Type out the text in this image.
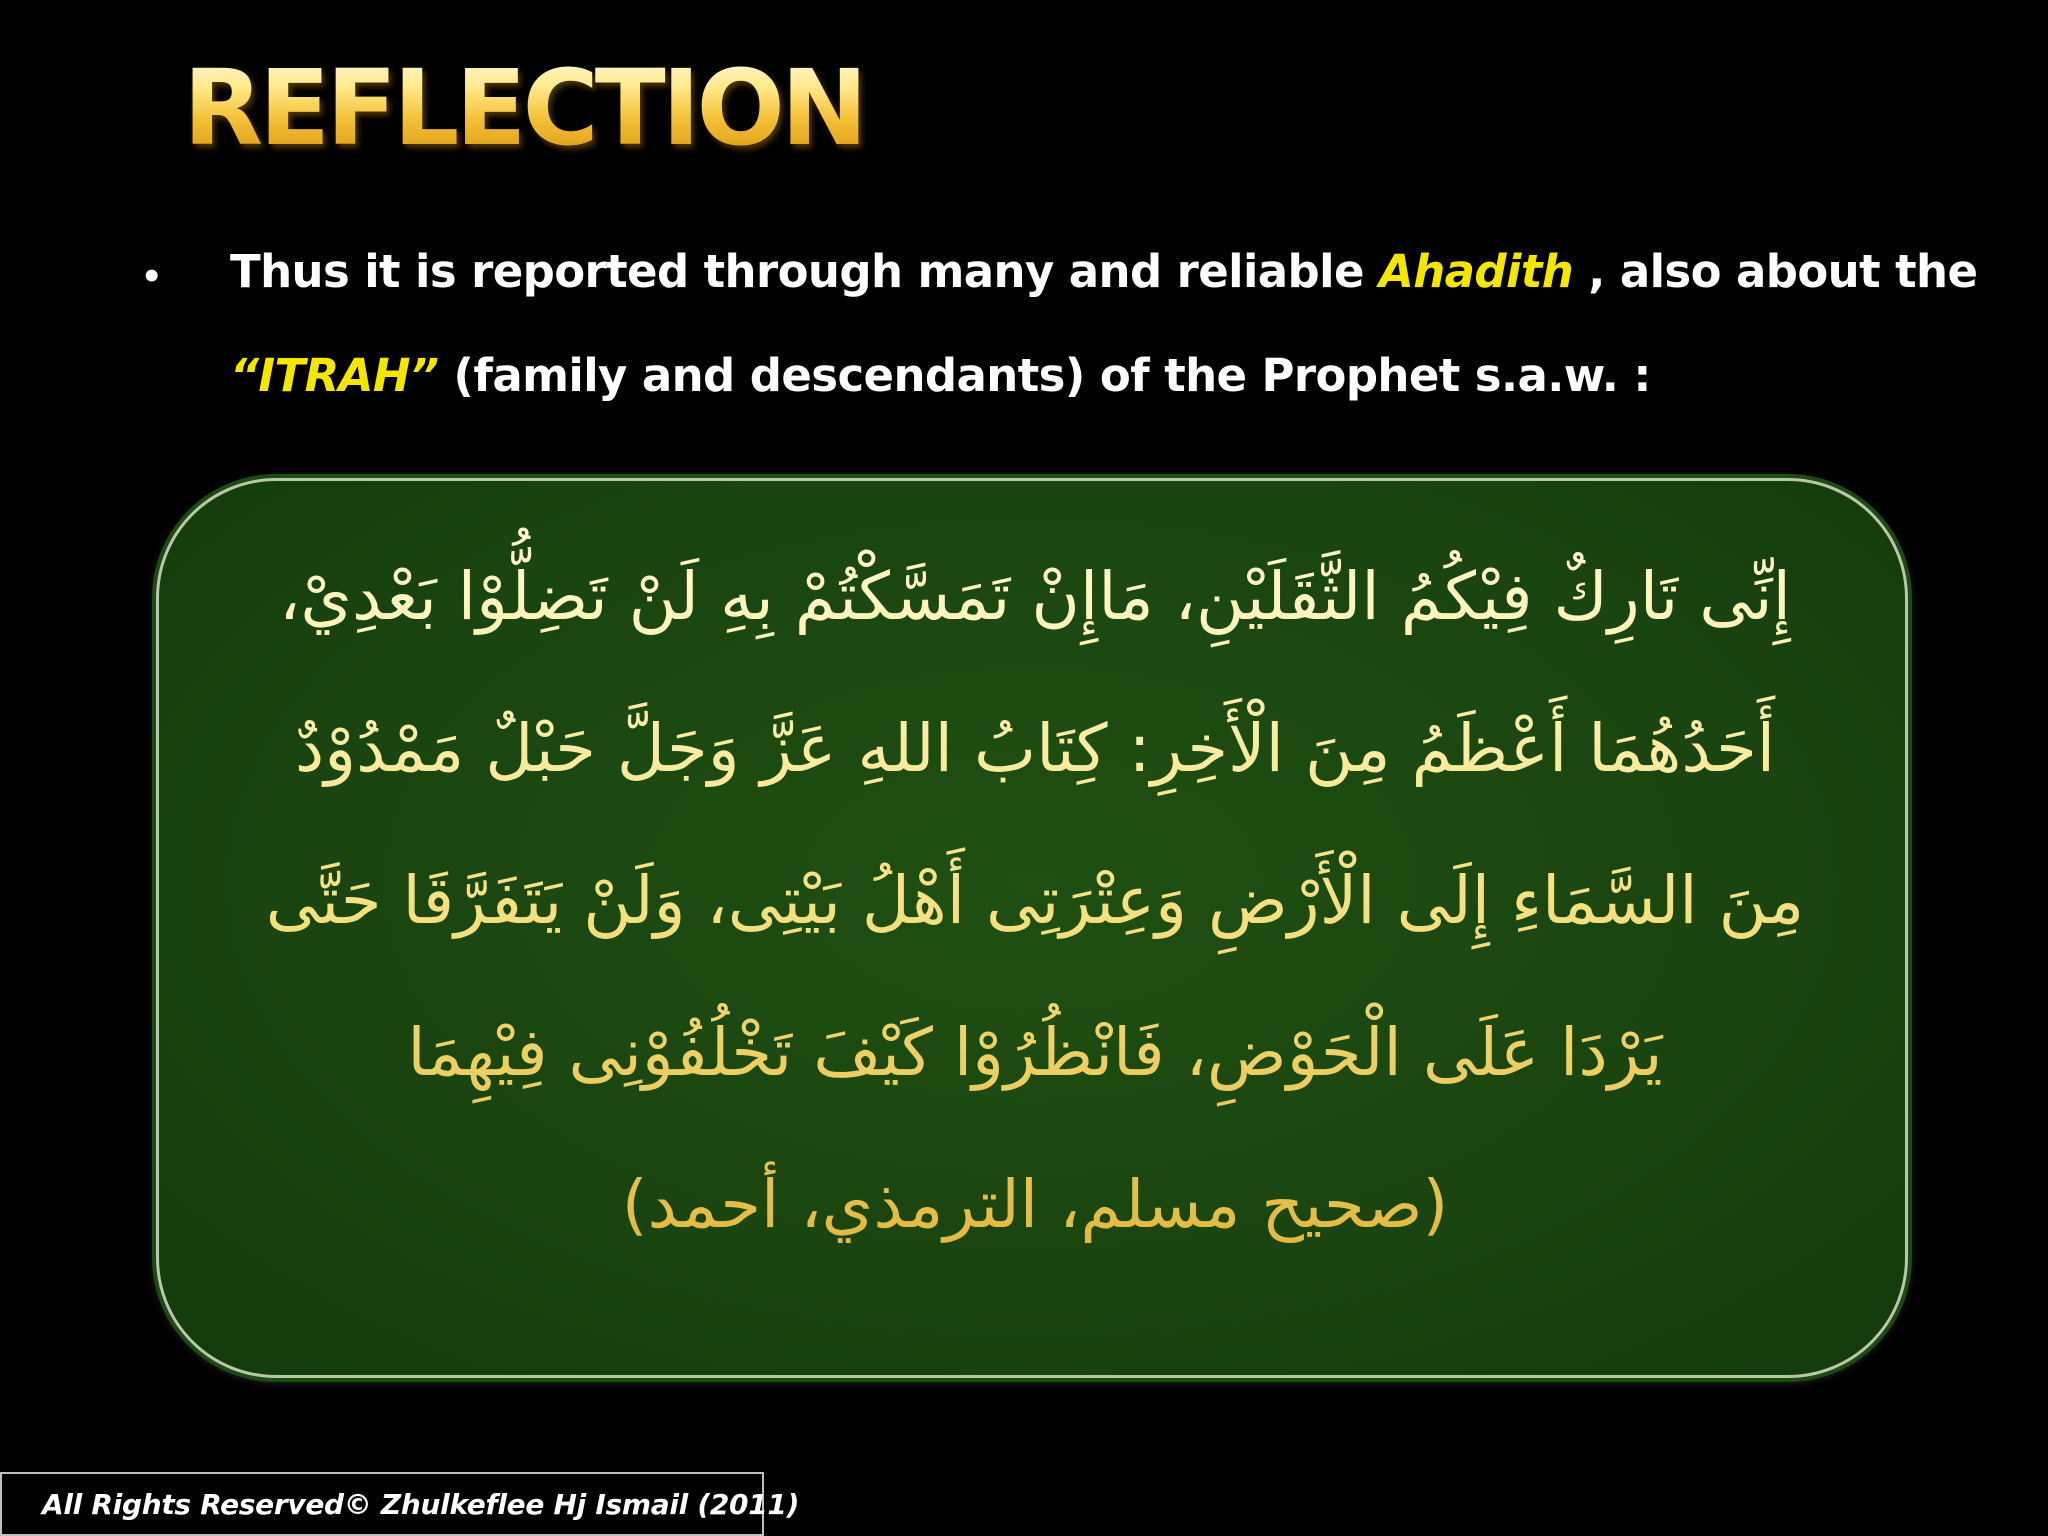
REFLECTION
• Thus it is reported through many and reliable Ahadith , also about the “ITRAH” (family and descendants) of the Prophet s.a.w. :

إِنِّى تَارِكٌ فِيْكُمُ الثَّقَلَيْنِ، مَاإِنْ تَمَسَّكْتُمْ بِهِ لَنْ تَضِلُّوْا بَعْدِيْ،
أَحَدُهُمَا أَعْظَمُ مِنَ الْأَخِرِ: كِتَابُ اللهِ عَزَّ وَجَلَّ حَبْلٌ مَمْدُوْدٌ
مِنَ السَّمَاءِ إِلَى الْأَرْضِ وَعِتْرَتِى أَهْلُ بَيْتِى، وَلَنْ يَتَفَرَّقَا حَتَّى
يَرْدَا عَلَى الْحَوْضِ، فَانْظُرُوْا كَيْفَ تَخْلُفُوْنِى فِيْهِمَا
(صحيح مسلم، الترمذي، أحمد)

All Rights Reserved© Zhulkeflee Hj Ismail (2011)
